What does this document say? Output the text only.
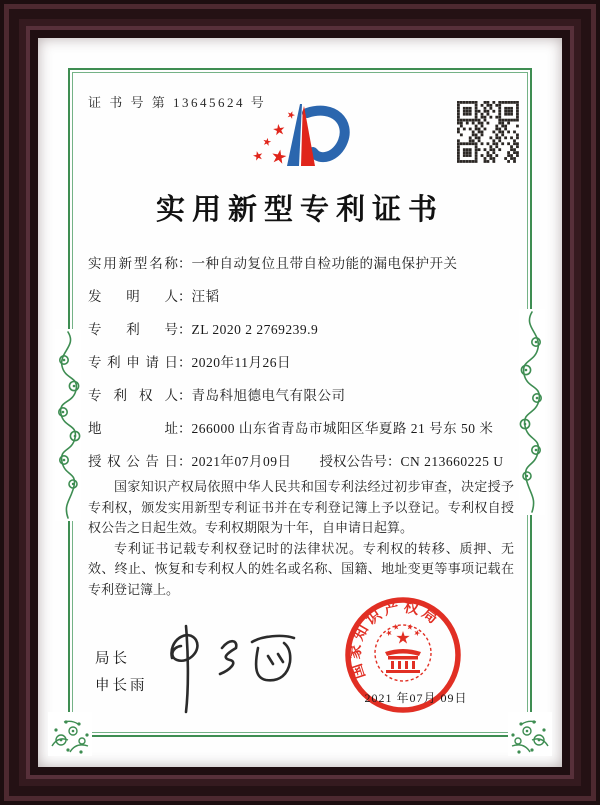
证 书 号 第 13645624 号
实用新型专利证书
实用新型名称：一种自动复位且带自检功能的漏电保护开关
发明人：汪韬
专利号：ZL 2020 2 2769239.9
专利申请日：2020年11月26日
专利权人：青岛科旭德电气有限公司
地址：266000 山东省青岛市城阳区华夏路 21 号东 50 米
授权公告日：2021年07月09日 授权公告号：CN 213660225 U

国家知识产权局依照中华人民共和国专利法经过初步审查，决定授予专利权，颁发实用新型专利证书并在专利登记簿上予以登记。专利权自授权公告之日起生效。专利权期限为十年，自申请日起算。

专利证书记载专利权登记时的法律状况。专利权的转移、质押、无效、终止、恢复和专利权人的姓名或名称、国籍、地址变更等事项记载在专利登记簿上。

局长
申长雨
国家知识产权局
2021 年07月 09日
